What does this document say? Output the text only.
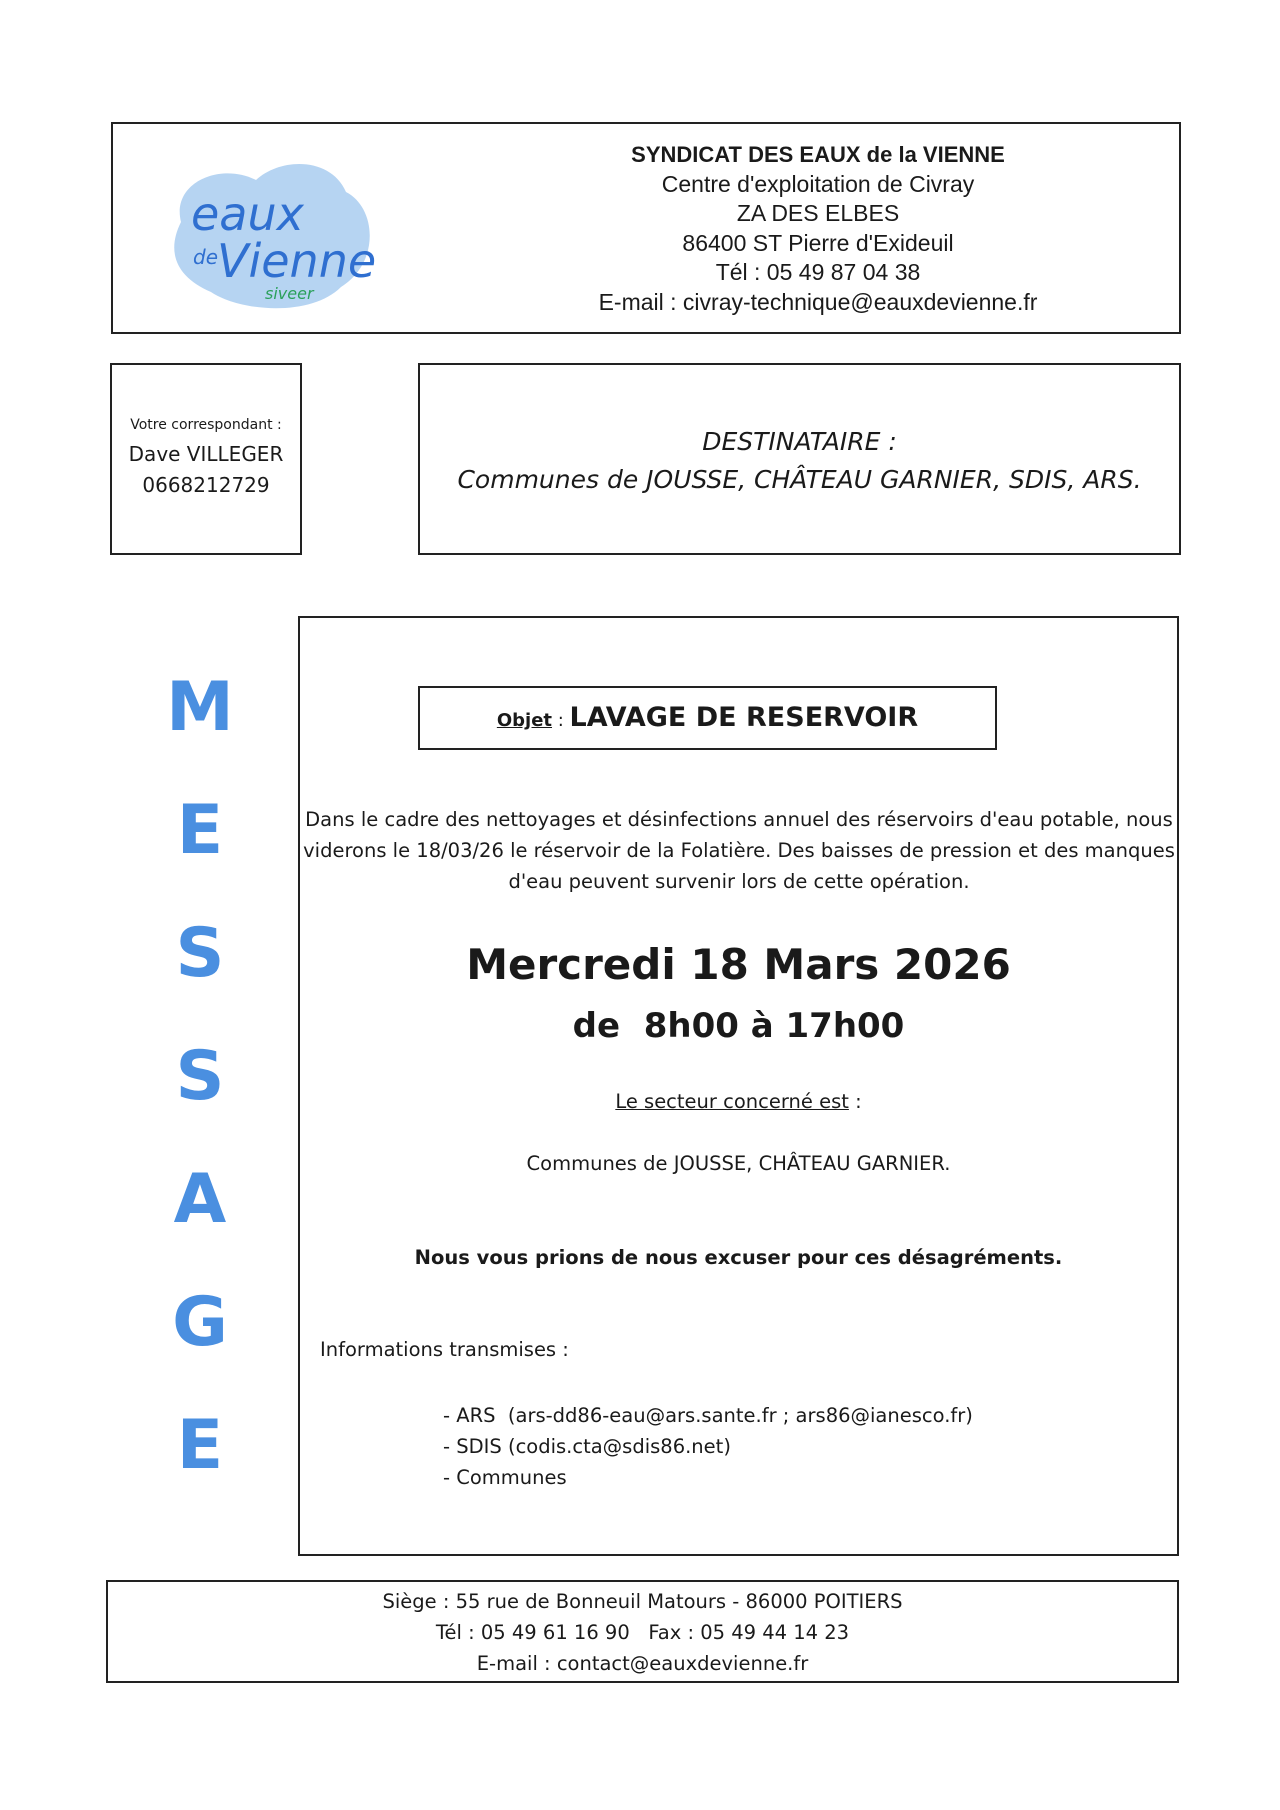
eaux
de Vienne
siveer
SYNDICAT DES EAUX de la VIENNE
Centre d'exploitation de Civray
ZA DES ELBES
86400 ST Pierre d'Exideuil
Tél : 05 49 87 04 38
E-mail : civray-technique@eauxdevienne.fr
Votre correspondant :
Dave VILLEGER
0668212729
DESTINATAIRE :
Communes de JOUSSE, CHÂTEAU GARNIER, SDIS, ARS.
M
E
S
S
A
G
E
Objet : LAVAGE DE RESERVOIR
Dans le cadre des nettoyages et désinfections annuel des réservoirs d'eau potable, nous viderons le 18/03/26 le réservoir de la Folatière. Des baisses de pression et des manques d'eau peuvent survenir lors de cette opération.
Mercredi 18 Mars 2026
de  8h00 à 17h00
Le secteur concerné est :
Communes de JOUSSE, CHÂTEAU GARNIER.
Nous vous prions de nous excuser pour ces désagréments.
Informations transmises :
- ARS  (ars-dd86-eau@ars.sante.fr ; ars86@ianesco.fr)
- SDIS (codis.cta@sdis86.net)
- Communes
Siège : 55 rue de Bonneuil Matours - 86000 POITIERS
Tél : 05 49 61 16 90   Fax : 05 49 44 14 23
E-mail : contact@eauxdevienne.fr
